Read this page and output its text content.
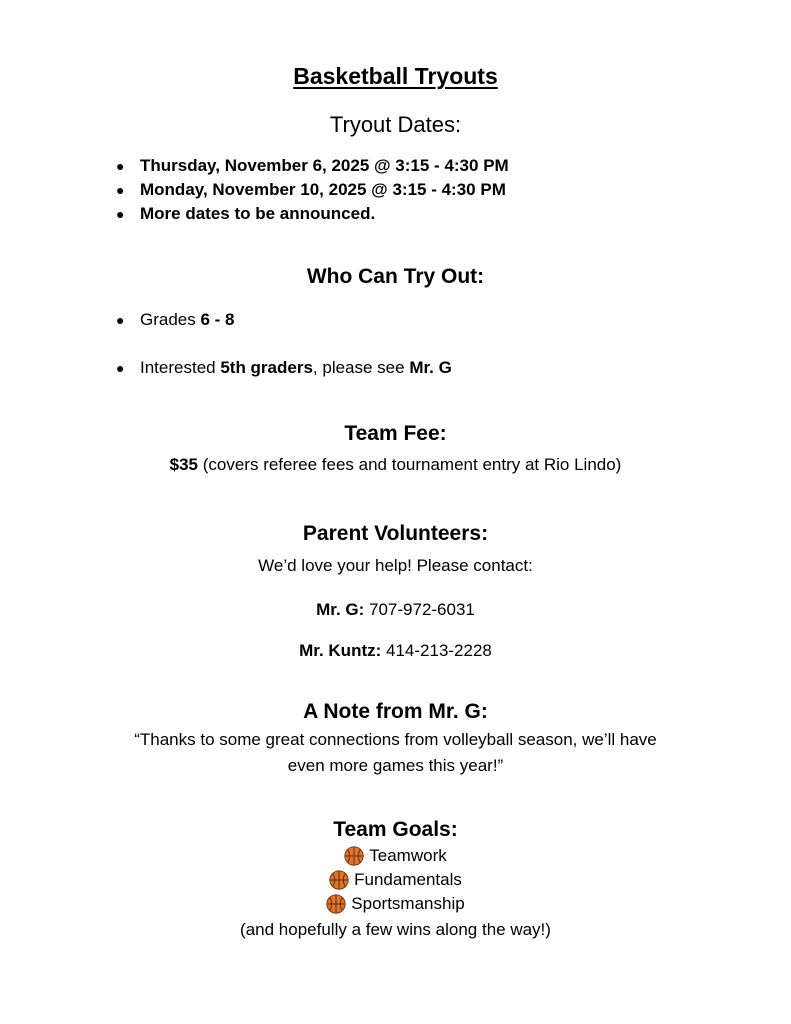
Basketball Tryouts
Tryout Dates:
● Thursday, November 6, 2025 @ 3:15 - 4:30 PM
● Monday, November 10, 2025 @ 3:15 - 4:30 PM
● More dates to be announced.
Who Can Try Out:
● Grades 6 - 8
● Interested 5th graders, please see Mr. G
Team Fee:
$35 (covers referee fees and tournament entry at Rio Lindo)
Parent Volunteers:
We’d love your help! Please contact:
Mr. G: 707-972-6031
Mr. Kuntz: 414-213-2228
A Note from Mr. G:
“Thanks to some great connections from volleyball season, we’ll have
even more games this year!”
Team Goals:
Teamwork
Fundamentals
Sportsmanship
(and hopefully a few wins along the way!)
